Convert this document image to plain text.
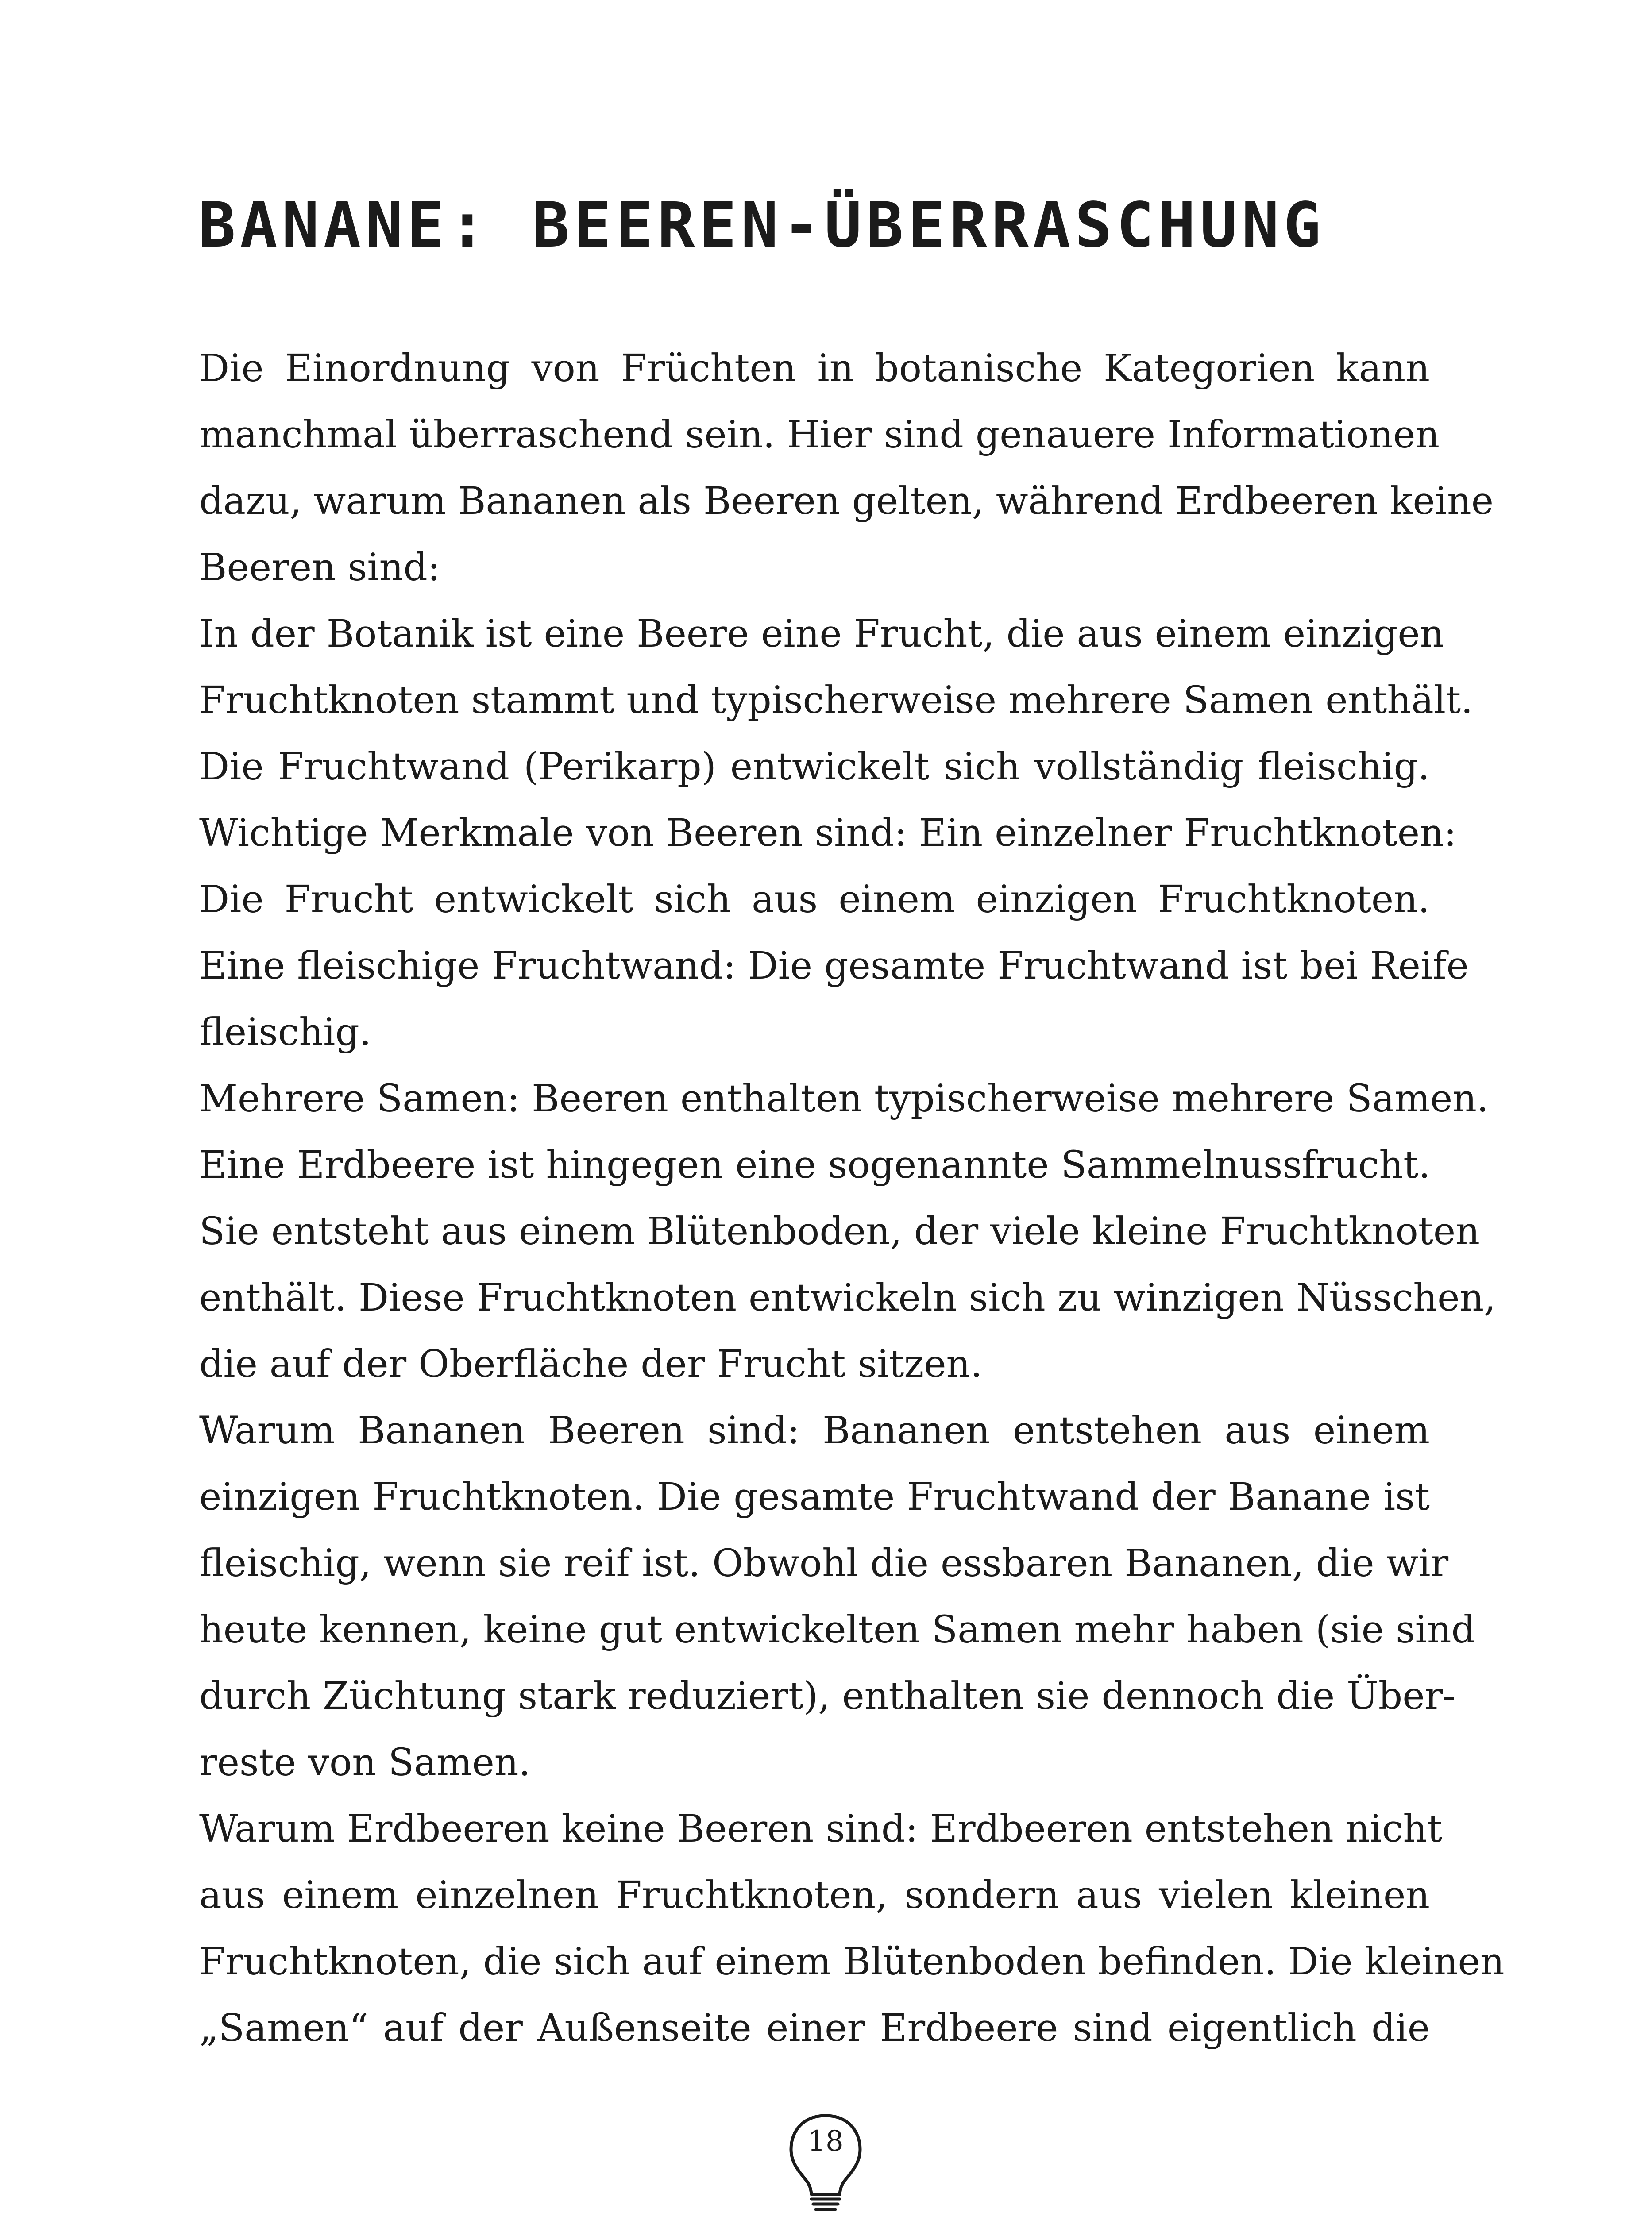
BANANE: BEEREN-ÜBERRASCHUNG
Die Einordnung von Früchten in botanische Kategorien kann
manchmal überraschend sein. Hier sind genauere Informationen
dazu, warum Bananen als Beeren gelten, während Erdbeeren keine
Beeren sind:
In der Botanik ist eine Beere eine Frucht, die aus einem einzigen
Fruchtknoten stammt und typischerweise mehrere Samen enthält.
Die Fruchtwand (Perikarp) entwickelt sich vollständig fleischig.
Wichtige Merkmale von Beeren sind: Ein einzelner Fruchtknoten:
Die Frucht entwickelt sich aus einem einzigen Fruchtknoten.
Eine fleischige Fruchtwand: Die gesamte Fruchtwand ist bei Reife
fleischig.
Mehrere Samen: Beeren enthalten typischerweise mehrere Samen.
Eine Erdbeere ist hingegen eine sogenannte Sammelnussfrucht.
Sie entsteht aus einem Blütenboden, der viele kleine Fruchtknoten
enthält. Diese Fruchtknoten entwickeln sich zu winzigen Nüsschen,
die auf der Oberfläche der Frucht sitzen.
Warum Bananen Beeren sind: Bananen entstehen aus einem
einzigen Fruchtknoten. Die gesamte Fruchtwand der Banane ist
fleischig, wenn sie reif ist. Obwohl die essbaren Bananen, die wir
heute kennen, keine gut entwickelten Samen mehr haben (sie sind
durch Züchtung stark reduziert), enthalten sie dennoch die Über-
reste von Samen.
Warum Erdbeeren keine Beeren sind: Erdbeeren entstehen nicht
aus einem einzelnen Fruchtknoten, sondern aus vielen kleinen
Fruchtknoten, die sich auf einem Blütenboden befinden. Die kleinen
„Samen“ auf der Außenseite einer Erdbeere sind eigentlich die
18
